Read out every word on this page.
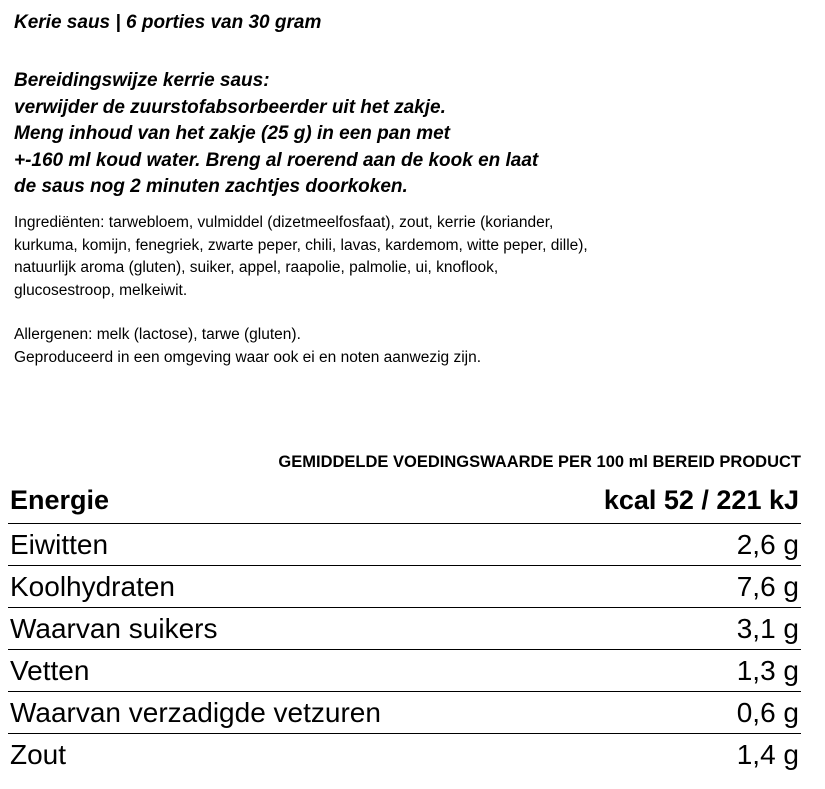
Kerie saus | 6 porties van 30 gram
Bereidingswijze kerrie saus:
verwijder de zuurstofabsorbeerder uit het zakje.
Meng inhoud van het zakje (25 g) in een pan met
+-160 ml koud water. Breng al roerend aan de kook en laat
de saus nog 2 minuten zachtjes doorkoken.
Ingrediënten: tarwebloem, vulmiddel (dizetmeelfosfaat), zout, kerrie (koriander,
kurkuma, komijn, fenegriek, zwarte peper, chili, lavas, kardemom, witte peper, dille),
natuurlijk aroma (gluten), suiker, appel, raapolie, palmolie, ui, knoflook,
glucosestroop, melkeiwit.
Allergenen: melk (lactose), tarwe (gluten).
Geproduceerd in een omgeving waar ook ei en noten aanwezig zijn.
GEMIDDELDE VOEDINGSWAARDE PER 100 ml BEREID PRODUCT
Energie	kcal 52 / 221 kJ
Eiwitten	2,6 g
Koolhydraten	7,6 g
Waarvan suikers	3,1 g
Vetten	1,3 g
Waarvan verzadigde vetzuren	0,6 g
Zout	1,4 g
